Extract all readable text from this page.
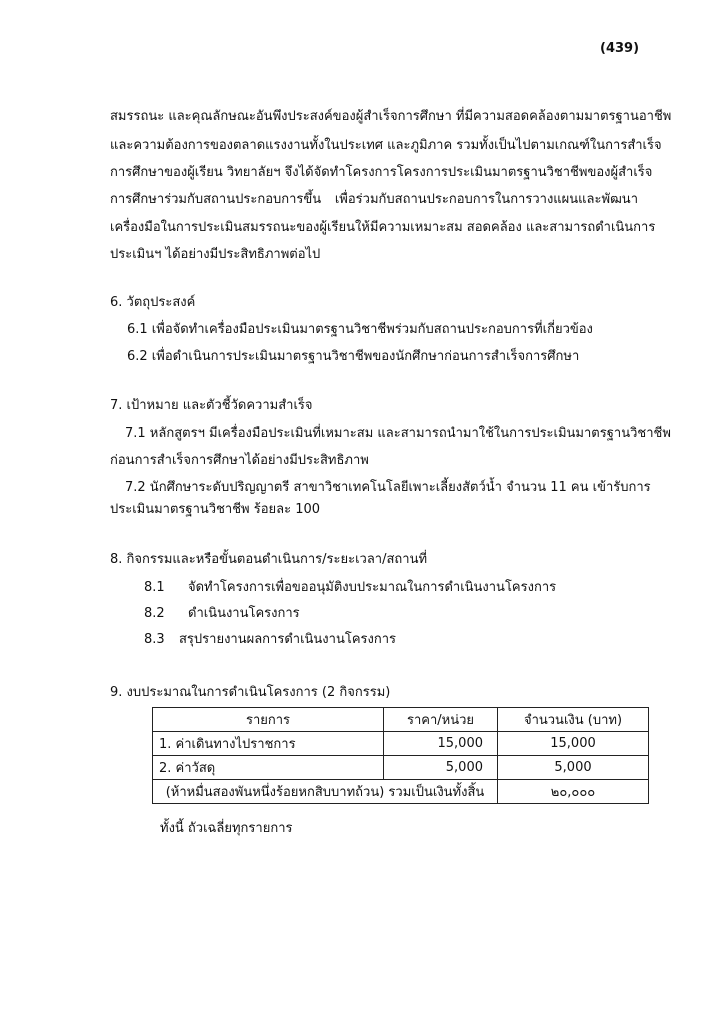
(439)
สมรรถนะ และคุณลักษณะอันพึงประสงค์ของผู้สำเร็จการศึกษา ที่มีความสอดคล้องตามมาตรฐานอาชีพ
และความต้องการของตลาดแรงงานทั้งในประเทศ และภูมิภาค รวมทั้งเป็นไปตามเกณฑ์ในการสำเร็จ
การศึกษาของผู้เรียน วิทยาลัยฯ จึงได้จัดทำโครงการโครงการประเมินมาตรฐานวิชาชีพของผู้สำเร็จ
การศึกษาร่วมกับสถานประกอบการขึ้น เพื่อร่วมกับสถานประกอบการในการวางแผนและพัฒนา
เครื่องมือในการประเมินสมรรถนะของผู้เรียนให้มีความเหมาะสม สอดคล้อง และสามารถดำเนินการ
ประเมินฯ ได้อย่างมีประสิทธิภาพต่อไป
6. วัตถุประสงค์
6.1 เพื่อจัดทำเครื่องมือประเมินมาตรฐานวิชาชีพร่วมกับสถานประกอบการที่เกี่ยวข้อง
6.2 เพื่อดำเนินการประเมินมาตรฐานวิชาชีพของนักศึกษาก่อนการสำเร็จการศึกษา
7. เป้าหมาย และตัวชี้วัดความสำเร็จ
7.1 หลักสูตรฯ มีเครื่องมือประเมินที่เหมาะสม และสามารถนำมาใช้ในการประเมินมาตรฐานวิชาชีพ
ก่อนการสำเร็จการศึกษาได้อย่างมีประสิทธิภาพ
7.2 นักศึกษาระดับปริญญาตรี สาขาวิชาเทคโนโลยีเพาะเลี้ยงสัตว์น้ำ จำนวน 11 คน เข้ารับการ
ประเมินมาตรฐานวิชาชีพ ร้อยละ 100
8. กิจกรรมและหรือขั้นตอนดำเนินการ/ระยะเวลา/สถานที่
8.1 จัดทำโครงการเพื่อขออนุมัติงบประมาณในการดำเนินงานโครงการ
8.2 ดำเนินงานโครงการ
8.3 สรุปรายงานผลการดำเนินงานโครงการ
9. งบประมาณในการดำเนินโครงการ (2 กิจกรรม)
รายการ	ราคา/หน่วย	จำนวนเงิน (บาท)
1. ค่าเดินทางไปราชการ	15,000	15,000
2. ค่าวัสดุ	5,000	5,000
(ห้าหมื่นสองพันหนึ่งร้อยหกสิบบาทถ้วน) รวมเป็นเงินทั้งสิ้น		๒๐,๐๐๐
ทั้งนี้ ถัวเฉลี่ยทุกรายการ
